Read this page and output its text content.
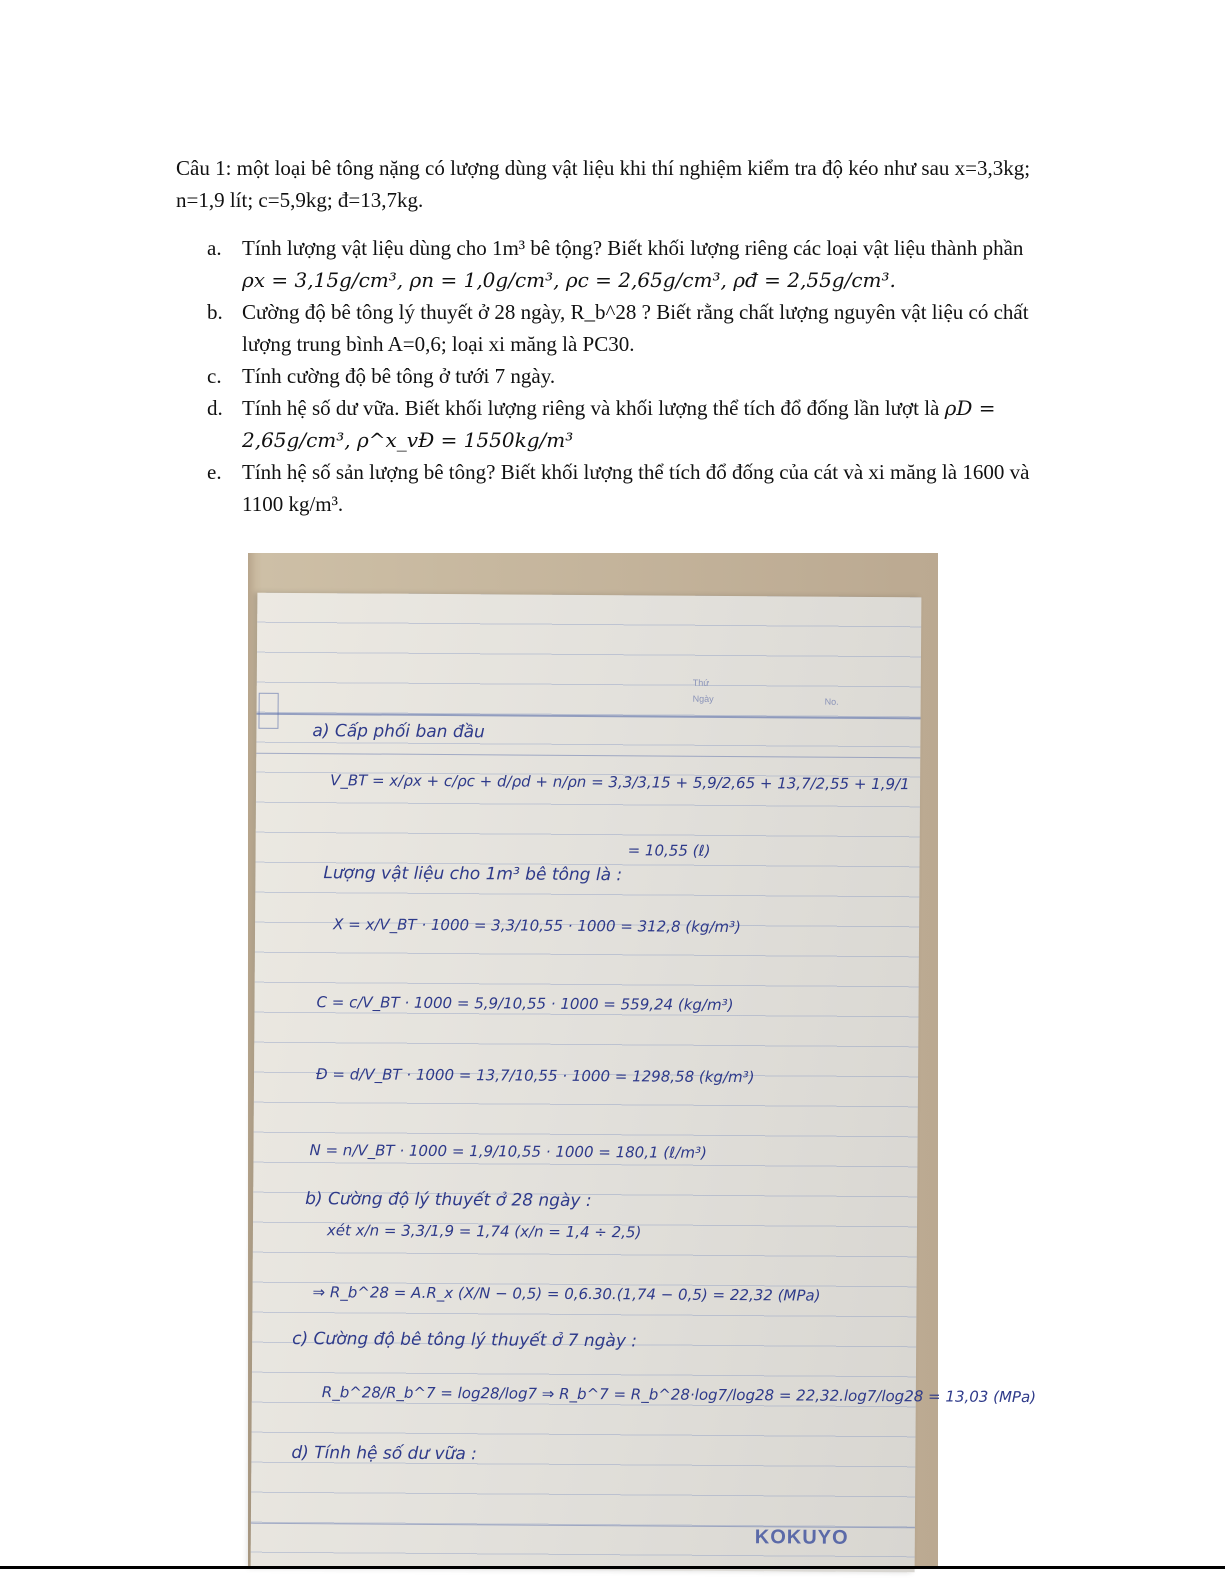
Câu 1: một loại bê tông nặng có lượng dùng vật liệu khi thí nghiệm kiểm tra độ kéo như sau x=3,3kg; n=1,9 lít; c=5,9kg; đ=13,7kg.

a. Tính lượng vật liệu dùng cho 1m³ bê tộng? Biết khối lượng riêng các loại vật liệu thành phần
ρx = 3,15g/cm³, ρn = 1,0g/cm³, ρc = 2,65g/cm³, ρđ = 2,55g/cm³.
b. Cường độ bê tông lý thuyết ở 28 ngày, R_b^28 ? Biết rằng chất lượng nguyên vật liệu có chất lượng trung bình A=0,6; loại xi măng là PC30.
c. Tính cường độ bê tông ở tưới 7 ngày.
d. Tính hệ số dư vữa. Biết khối lượng riêng và khối lượng thể tích đổ đống lần lượt là ρD = 2,65g/cm³, ρ^x_vĐ = 1550kg/m³
e. Tính hệ số sản lượng bê tông? Biết khối lượng thể tích đổ đống của cát và xi măng là 1600 và 1100 kg/m³.
Thứ
Ngày	No.
a) Cấp phối ban đầu
V_BT = x/ρx + c/ρc + d/ρd + n/ρn = 3,3/3,15 + 5,9/2,65 + 13,7/2,55 + 1,9/1
= 10,55 (ℓ)
Lượng vật liệu cho 1m³ bê tông là :
X = x/V_BT · 1000 = 3,3/10,55 · 1000 = 312,8 (kg/m³)
C = c/V_BT · 1000 = 5,9/10,55 · 1000 = 559,24 (kg/m³)
Đ = d/V_BT · 1000 = 13,7/10,55 · 1000 = 1298,58 (kg/m³)
N = n/V_BT · 1000 = 1,9/10,55 · 1000 = 180,1 (ℓ/m³)
b) Cường độ lý thuyết ở 28 ngày :
xét x/n = 3,3/1,9 = 1,74 (x/n = 1,4 ÷ 2,5)
⇒ R_b^28 = A.R_x (X/N − 0,5) = 0,6.30.(1,74 − 0,5) = 22,32 (MPa)
c) Cường độ bê tông lý thuyết ở 7 ngày :
R_b^28/R_b^7 = log28/log7 ⇒ R_b^7 = R_b^28·log7/log28 = 22,32.log7/log28 = 13,03 (MPa)
d) Tính hệ số dư vữa :
KOKUYO
